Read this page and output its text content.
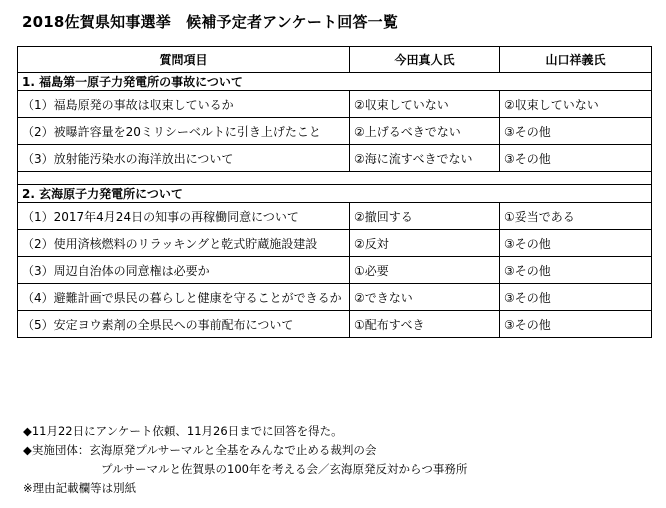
2018佐賀県知事選挙　候補予定者アンケート回答一覧
質問項目	今田真人氏	山口祥義氏
1. 福島第一原子力発電所の事故について		
（1）福島原発の事故は収束しているか	②収束していない	②収束していない
（2）被曝許容量を20ミリシーベルトに引き上げたこと	②上げるべきでない	③その他
（3）放射能汚染水の海洋放出について	②海に流すべきでない	③その他

2. 玄海原子力発電所について		
（1）2017年4月24日の知事の再稼働同意について	②撤回する	①妥当である
（2）使用済核燃料のリラッキングと乾式貯蔵施設建設	②反対	③その他
（3）周辺自治体の同意権は必要か	①必要	③その他
（4）避難計画で県民の暮らしと健康を守ることができるか	②できない	③その他
（5）安定ヨウ素剤の全県民への事前配布について	①配布すべき	③その他
◆11月22日にアンケート依頼、11月26日までに回答を得た。
◆実施団体：玄海原発プルサーマルと全基をみんなで止める裁判の会
プルサーマルと佐賀県の100年を考える会／玄海原発反対からつ事務所
※理由記載欄等は別紙
